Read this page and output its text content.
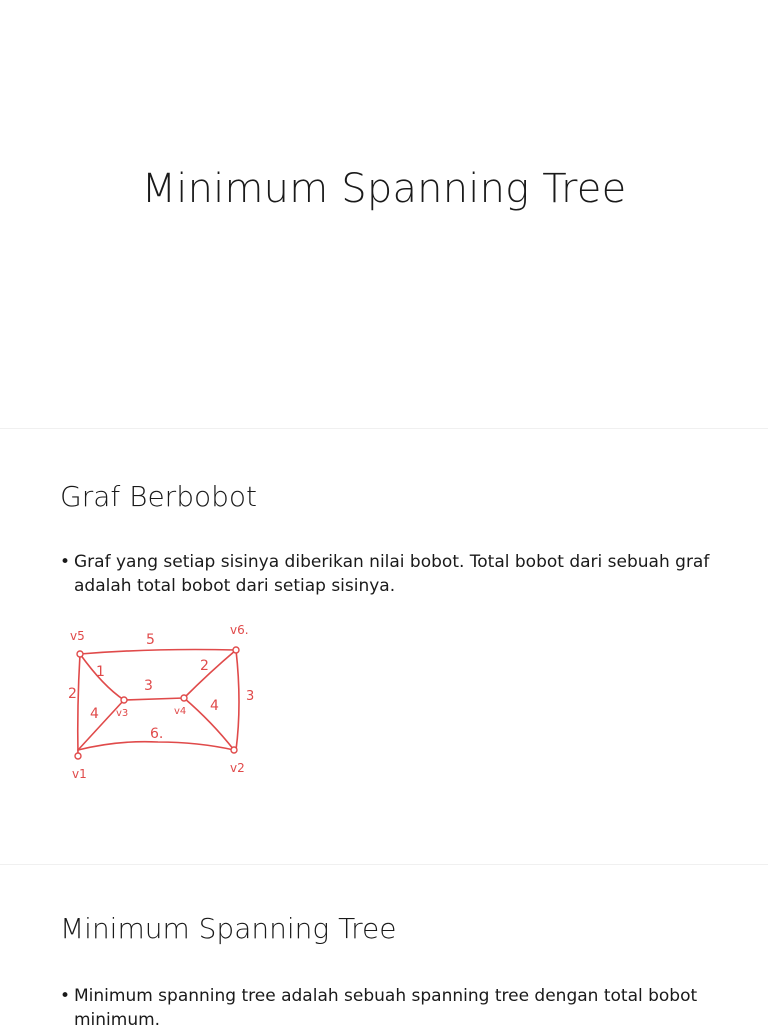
Minimum Spanning Tree
Graf Berbobot
• Graf yang setiap sisinya diberikan nilai bobot. Total bobot dari sebuah graf adalah total bobot dari setiap sisinya.
v5	v6.
v3	v4
v1	v2
5
1
2
4
3
2
3
4
6.
Minimum Spanning Tree
• Minimum spanning tree adalah sebuah spanning tree dengan total bobot minimum.
